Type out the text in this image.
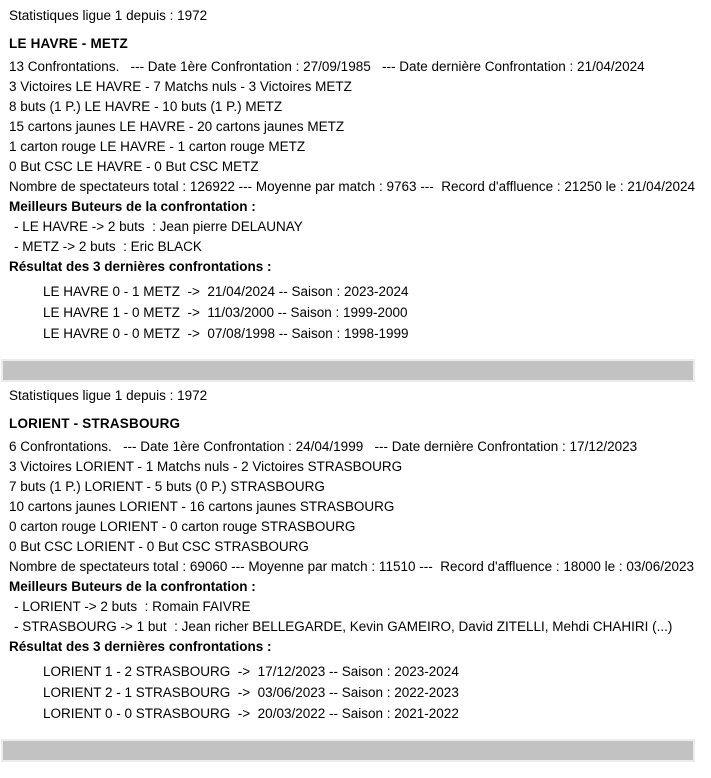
Statistiques ligue 1 depuis : 1972
LE HAVRE - METZ
13 Confrontations.   --- Date 1ère Confrontation : 27/09/1985   --- Date dernière Confrontation : 21/04/2024
3 Victoires LE HAVRE - 7 Matchs nuls - 3 Victoires METZ
8 buts (1 P.) LE HAVRE - 10 buts (1 P.) METZ
15 cartons jaunes LE HAVRE - 20 cartons jaunes METZ
1 carton rouge LE HAVRE - 1 carton rouge METZ
0 But CSC LE HAVRE - 0 But CSC METZ
Nombre de spectateurs total : 126922 --- Moyenne par match : 9763 ---  Record d'affluence : 21250 le : 21/04/2024
Meilleurs Buteurs de la confrontation :
- LE HAVRE -> 2 buts  : Jean pierre DELAUNAY
- METZ -> 2 buts  : Eric BLACK
Résultat des 3 dernières confrontations :
LE HAVRE 0 - 1 METZ  ->  21/04/2024 -- Saison : 2023-2024
LE HAVRE 1 - 0 METZ  ->  11/03/2000 -- Saison : 1999-2000
LE HAVRE 0 - 0 METZ  ->  07/08/1998 -- Saison : 1998-1999
Statistiques ligue 1 depuis : 1972
LORIENT - STRASBOURG
6 Confrontations.   --- Date 1ère Confrontation : 24/04/1999   --- Date dernière Confrontation : 17/12/2023
3 Victoires LORIENT - 1 Matchs nuls - 2 Victoires STRASBOURG
7 buts (1 P.) LORIENT - 5 buts (0 P.) STRASBOURG
10 cartons jaunes LORIENT - 16 cartons jaunes STRASBOURG
0 carton rouge LORIENT - 0 carton rouge STRASBOURG
0 But CSC LORIENT - 0 But CSC STRASBOURG
Nombre de spectateurs total : 69060 --- Moyenne par match : 11510 ---  Record d'affluence : 18000 le : 03/06/2023
Meilleurs Buteurs de la confrontation :
- LORIENT -> 2 buts  : Romain FAIVRE
- STRASBOURG -> 1 but  : Jean richer BELLEGARDE, Kevin GAMEIRO, David ZITELLI, Mehdi CHAHIRI (...)
Résultat des 3 dernières confrontations :
LORIENT 1 - 2 STRASBOURG  ->  17/12/2023 -- Saison : 2023-2024
LORIENT 2 - 1 STRASBOURG  ->  03/06/2023 -- Saison : 2022-2023
LORIENT 0 - 0 STRASBOURG  ->  20/03/2022 -- Saison : 2021-2022
